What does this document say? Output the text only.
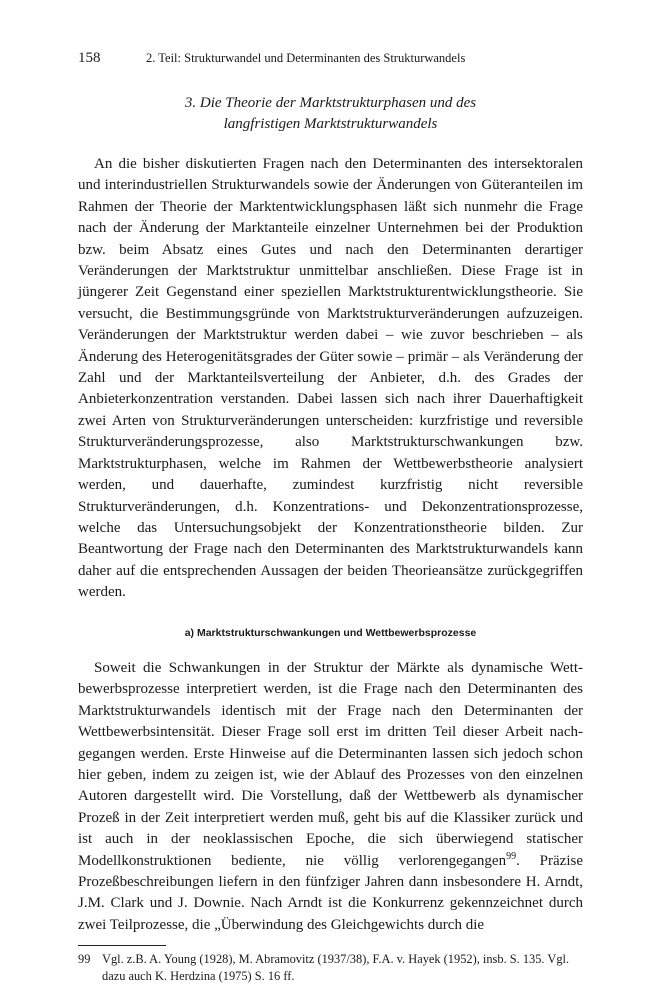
158	2. Teil: Strukturwandel und Determinanten des Strukturwandels
3. Die Theorie der Marktstrukturphasen und des
langfristigen Marktstrukturwandels

An die bisher diskutierten Fragen nach den Determinanten des intersektoralen und interindustriellen Strukturwandels sowie der Änderungen von Güteranteilen im Rahmen der Theorie der Marktentwicklungsphasen läßt sich nunmehr die Frage nach der Änderung der Marktanteile einzelner Unternehmen bei der Produktion bzw. beim Absatz eines Gutes und nach den Determinanten derartiger Veränderungen der Marktstruktur unmittelbar anschließen. Diese Frage ist in jüngerer Zeit Gegenstand einer speziellen Marktstrukturentwicklungstheorie. Sie versucht, die Bestimmungsgründe von Marktstrukturveränderungen aufzuzeigen. Veränderungen der Marktstruktur werden dabei – wie zuvor beschrieben – als Änderung des Heterogenitätsgrades der Güter sowie – primär – als Veränderung der Zahl und der Marktanteilsverteilung der Anbieter, d.h. des Grades der Anbieterkonzentration verstanden. Dabei lassen sich nach ihrer Dauerhaftigkeit zwei Arten von Strukturveränderungen unterscheiden: kurzfristige und reversible Strukturveränderungsprozesse, also Marktstrukturschwankungen bzw. Marktstrukturphasen, welche im Rahmen der Wettbewerbstheorie analysiert werden, und dauerhafte, zumindest kurzfristig nicht reversible Strukturveränderungen, d.h. Konzentrations- und Dekonzentrationsprozesse, welche das Untersuchungsobjekt der Konzentrationstheorie bilden. Zur Beantwortung der Frage nach den Determinanten des Marktstrukturwandels kann daher auf die entsprechenden Aussagen der beiden Theorieansätze zurückgegriffen werden.

a) Marktstrukturschwankungen und Wettbewerbsprozesse

Soweit die Schwankungen in der Struktur der Märkte als dynamische Wettbewerbsprozesse interpretiert werden, ist die Frage nach den Determinanten des Marktstrukturwandels identisch mit der Frage nach den Determinanten der Wettbewerbsintensität. Dieser Frage soll erst im dritten Teil dieser Arbeit nachgegangen werden. Erste Hinweise auf die Determinanten lassen sich jedoch schon hier geben, indem zu zeigen ist, wie der Ablauf des Prozesses von den einzelnen Autoren dargestellt wird. Die Vorstellung, daß der Wettbewerb als dynamischer Prozeß in der Zeit interpretiert werden muß, geht bis auf die Klassiker zurück und ist auch in der neoklassischen Epoche, die sich überwiegend statischer Modellkonstruktionen bediente, nie völlig verlorengegangen$^{99}$. Präzise Prozeßbeschreibungen liefern in den fünfziger Jahren dann insbesondere H. Arndt, J.M. Clark und J. Downie. Nach Arndt ist die Konkurrenz gekennzeichnet durch zwei Teilprozesse, die „Überwindung des Gleichgewichts durch die

99 Vgl. z.B. A. Young (1928), M. Abramovitz (1937/38), F.A. v. Hayek (1952), insb. S. 135. Vgl. dazu auch K. Herdzina (1975) S. 16 ff.
